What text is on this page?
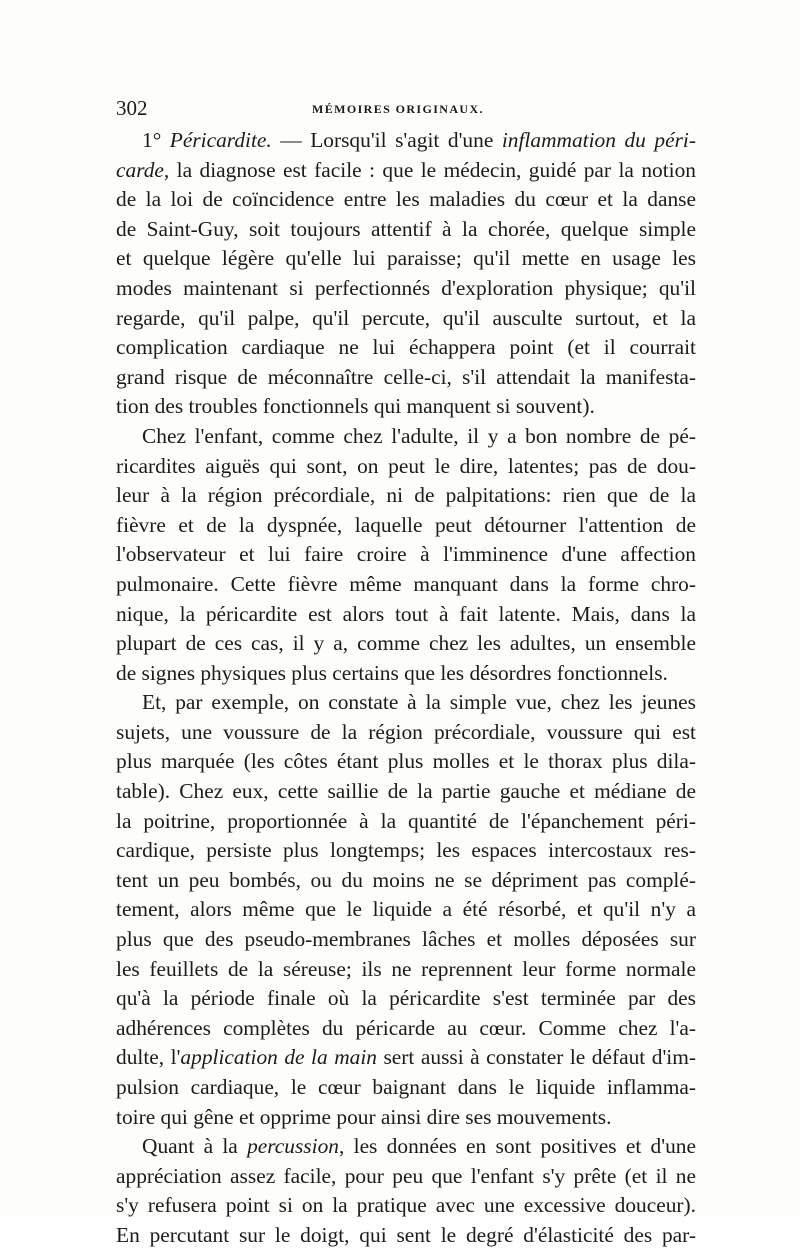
302	MÉMOIRES ORIGINAUX.
1° Péricardite. — Lorsqu'il s'agit d'une inflammation du péri-
carde, la diagnose est facile : que le médecin, guidé par la notion
de la loi de coïncidence entre les maladies du cœur et la danse
de Saint-Guy, soit toujours attentif à la chorée, quelque simple
et quelque légère qu'elle lui paraisse; qu'il mette en usage les
modes maintenant si perfectionnés d'exploration physique; qu'il
regarde, qu'il palpe, qu'il percute, qu'il ausculte surtout, et la
complication cardiaque ne lui échappera point (et il courrait
grand risque de méconnaître celle-ci, s'il attendait la manifesta-
tion des troubles fonctionnels qui manquent si souvent).
Chez l'enfant, comme chez l'adulte, il y a bon nombre de pé-
ricardites aiguës qui sont, on peut le dire, latentes; pas de dou-
leur à la région précordiale, ni de palpitations: rien que de la
fièvre et de la dyspnée, laquelle peut détourner l'attention de
l'observateur et lui faire croire à l'imminence d'une affection
pulmonaire. Cette fièvre même manquant dans la forme chro-
nique, la péricardite est alors tout à fait latente. Mais, dans la
plupart de ces cas, il y a, comme chez les adultes, un ensemble
de signes physiques plus certains que les désordres fonctionnels.
Et, par exemple, on constate à la simple vue, chez les jeunes
sujets, une voussure de la région précordiale, voussure qui est
plus marquée (les côtes étant plus molles et le thorax plus dila-
table). Chez eux, cette saillie de la partie gauche et médiane de
la poitrine, proportionnée à la quantité de l'épanchement péri-
cardique, persiste plus longtemps; les espaces intercostaux res-
tent un peu bombés, ou du moins ne se dépriment pas complé-
tement, alors même que le liquide a été résorbé, et qu'il n'y a
plus que des pseudo-membranes lâches et molles déposées sur
les feuillets de la séreuse; ils ne reprennent leur forme normale
qu'à la période finale où la péricardite s'est terminée par des
adhérences complètes du péricarde au cœur. Comme chez l'a-
dulte, l'application de la main sert aussi à constater le défaut d'im-
pulsion cardiaque, le cœur baignant dans le liquide inflamma-
toire qui gêne et opprime pour ainsi dire ses mouvements.
Quant à la percussion, les données en sont positives et d'une
appréciation assez facile, pour peu que l'enfant s'y prête (et il ne
s'y refusera point si on la pratique avec une excessive douceur).
En percutant sur le doigt, qui sent le degré d'élasticité des par-
